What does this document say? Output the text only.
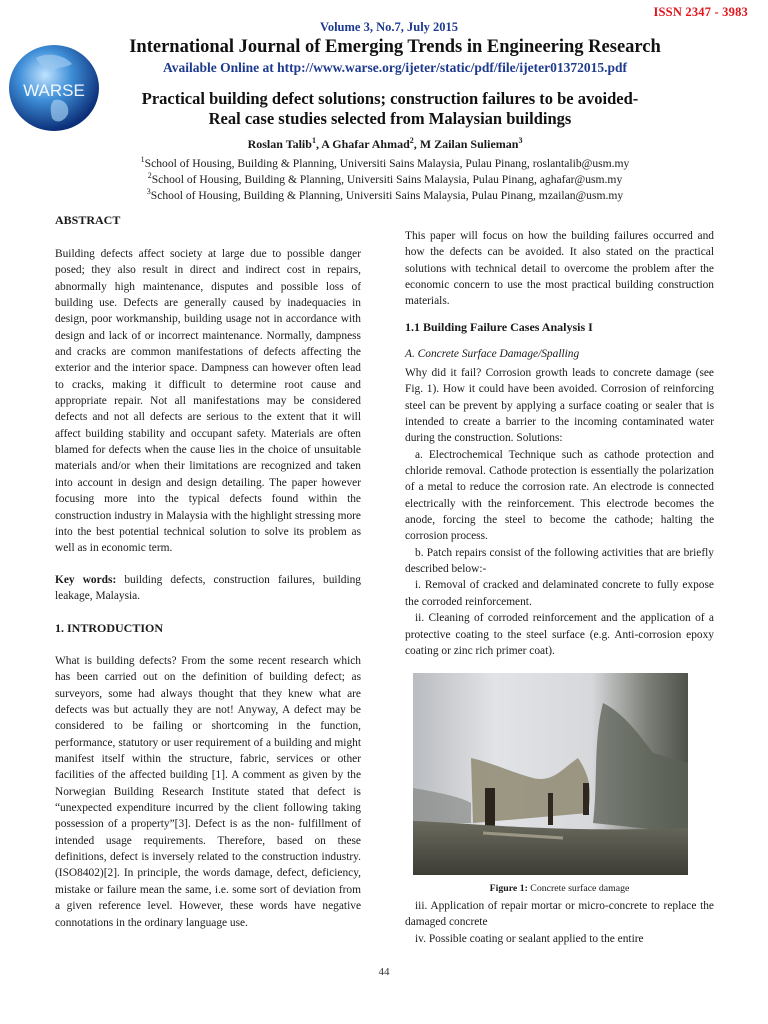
ISSN 2347 - 3983
Volume 3, No.7, July 2015
WARSE
International Journal of Emerging Trends in Engineering Research
Available Online at http://www.warse.org/ijeter/static/pdf/file/ijeter01372015.pdf
Practical building defect solutions; construction failures to be avoided-
Real case studies selected from Malaysian buildings
Roslan Talib$^1$, A Ghafar Ahmad$^2$, M Zailan Sulieman$^3$
$^1$School of Housing, Building & Planning, Universiti Sains Malaysia, Pulau Pinang, roslantalib@usm.my
$^2$School of Housing, Building & Planning, Universiti Sains Malaysia, Pulau Pinang, aghafar@usm.my
$^3$School of Housing, Building & Planning, Universiti Sains Malaysia, Pulau Pinang, mzailan@usm.my
ABSTRACT

Building defects affect society at large due to possible danger posed; they also result in direct and indirect cost in repairs, abnormally high maintenance, disputes and possible loss of building use. Defects are generally caused by inadequacies in design, poor workmanship, building usage not in accordance with design and lack of or incorrect maintenance. Normally, dampness and cracks are common manifestations of defects affecting the exterior and the interior space. Dampness can however often lead to cracks, making it difficult to determine root cause and appropriate repair. Not all manifestations may be considered defects and not all defects are serious to the extent that it will affect building stability and occupant safety. Materials are often blamed for defects when the cause lies in the choice of unsuitable materials and/or when their limitations are recognized and taken into account in design and design detailing. The paper however focusing more into the typical defects found within the construction industry in Malaysia with the highlight stressing more into the best potential technical solution to solve its problem as well as in economic term.

Key words: building defects, construction failures, building leakage, Malaysia.

1. INTRODUCTION

What is building defects? From the some recent research which has been carried out on the definition of building defect; as surveyors, some had always thought that they knew what are defects was but actually they are not! Anyway, A defect may be considered to be failing or shortcoming in the function, performance, statutory or user requirement of a building and might manifest itself within the structure, fabric, services or other facilities of the affected building [1]. A comment as given by the Norwegian Building Research Institute stated that defect is “unexpected expenditure incurred by the client following taking possession of a property”[3]. Defect is as the non- fulfillment of intended usage requirements. Therefore, based on these definitions, defect is inversely related to the construction industry. (ISO8402)[2]. In principle, the words damage, defect, deficiency, mistake or failure mean the same, i.e. some sort of deviation from a given reference level. However, these words have negative connotations in the ordinary language use.

This paper will focus on how the building failures occurred and how the defects can be avoided. It also stated on the practical solutions with technical detail to overcome the problem after the economic concern to use the most practical building construction materials.

1.1 Building Failure Cases Analysis I
A. Concrete Surface Damage/Spalling

Why did it fail? Corrosion growth leads to concrete damage (see Fig. 1). How it could have been avoided. Corrosion of reinforcing steel can be prevent by applying a surface coating or sealer that is intended to create a barrier to the incoming contaminated water during the construction. Solutions:

a. Electrochemical Technique such as cathode protection and chloride removal. Cathode protection is essentially the polarization of a metal to reduce the corrosion rate. An electrode is connected electrically with the reinforcement. This electrode becomes the anode, forcing the steel to become the cathode; halting the corrosion process.

b. Patch repairs consist of the following activities that are briefly described below:-

i. Removal of cracked and delaminated concrete to fully expose the corroded reinforcement.

ii. Cleaning of corroded reinforcement and the application of a protective coating to the steel surface (e.g. Anti-corrosion epoxy coating or zinc rich primer coat).

Figure 1: Concrete surface damage

iii. Application of repair mortar or micro-concrete to replace the damaged concrete

iv. Possible coating or sealant applied to the entire

44
